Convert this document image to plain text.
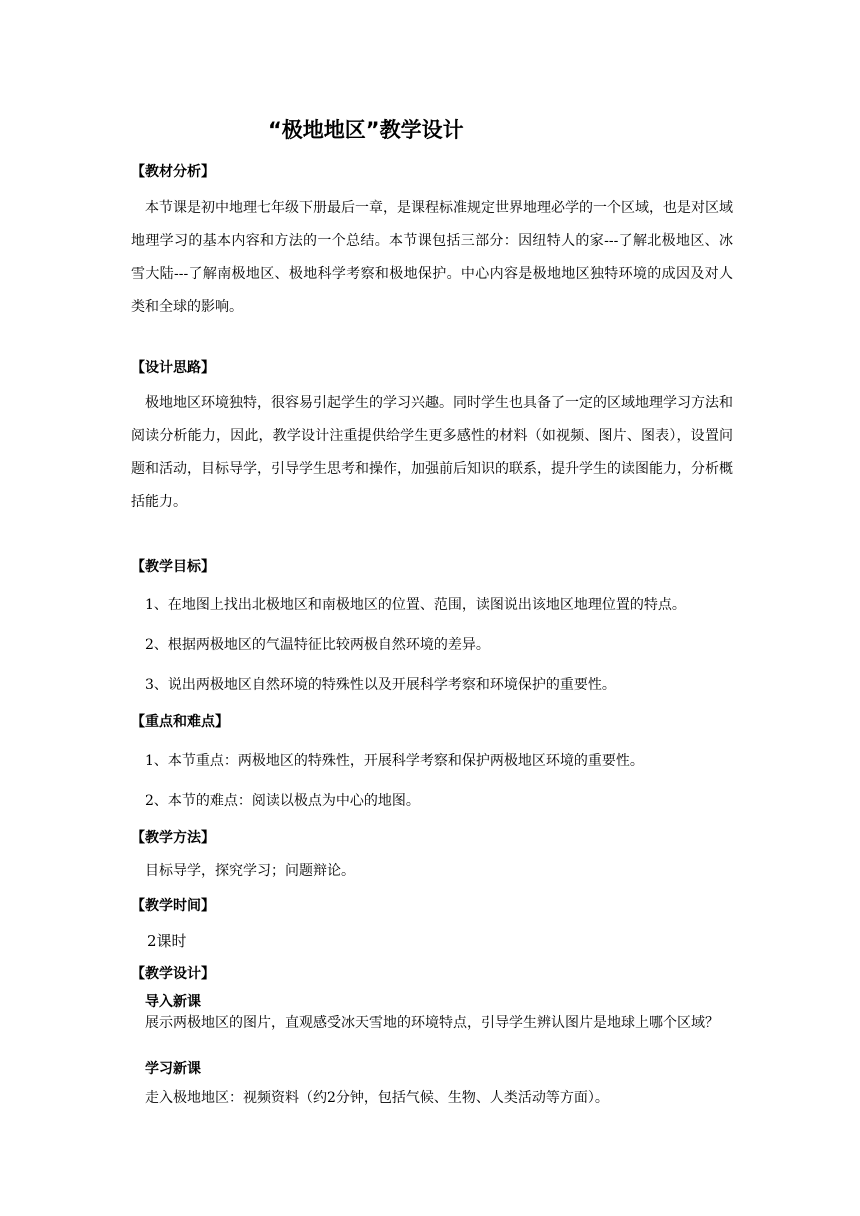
“极地地区”教学设计
【教材分析】
本节课是初中地理七年级下册最后一章，是课程标准规定世界地理必学的一个区域，也是对区域地理学习的基本内容和方法的一个总结。本节课包括三部分：因纽特人的家---了解北极地区、冰雪大陆---了解南极地区、极地科学考察和极地保护。中心内容是极地地区独特环境的成因及对人类和全球的影响。
【设计思路】
极地地区环境独特，很容易引起学生的学习兴趣。同时学生也具备了一定的区域地理学习方法和阅读分析能力，因此，教学设计注重提供给学生更多感性的材料（如视频、图片、图表），设置问题和活动，目标导学，引导学生思考和操作，加强前后知识的联系，提升学生的读图能力，分析概括能力。
【教学目标】
1、在地图上找出北极地区和南极地区的位置、范围，读图说出该地区地理位置的特点。
2、根据两极地区的气温特征比较两极自然环境的差异。
3、说出两极地区自然环境的特殊性以及开展科学考察和环境保护的重要性。
【重点和难点】
1、本节重点：两极地区的特殊性，开展科学考察和保护两极地区环境的重要性。
2、本节的难点：阅读以极点为中心的地图。
【教学方法】
目标导学，探究学习；问题辩论。
【教学时间】
2课时
【教学设计】
导入新课
展示两极地区的图片，直观感受冰天雪地的环境特点，引导学生辨认图片是地球上哪个区域？
学习新课
走入极地地区：视频资料（约2分钟，包括气候、生物、人类活动等方面）。
